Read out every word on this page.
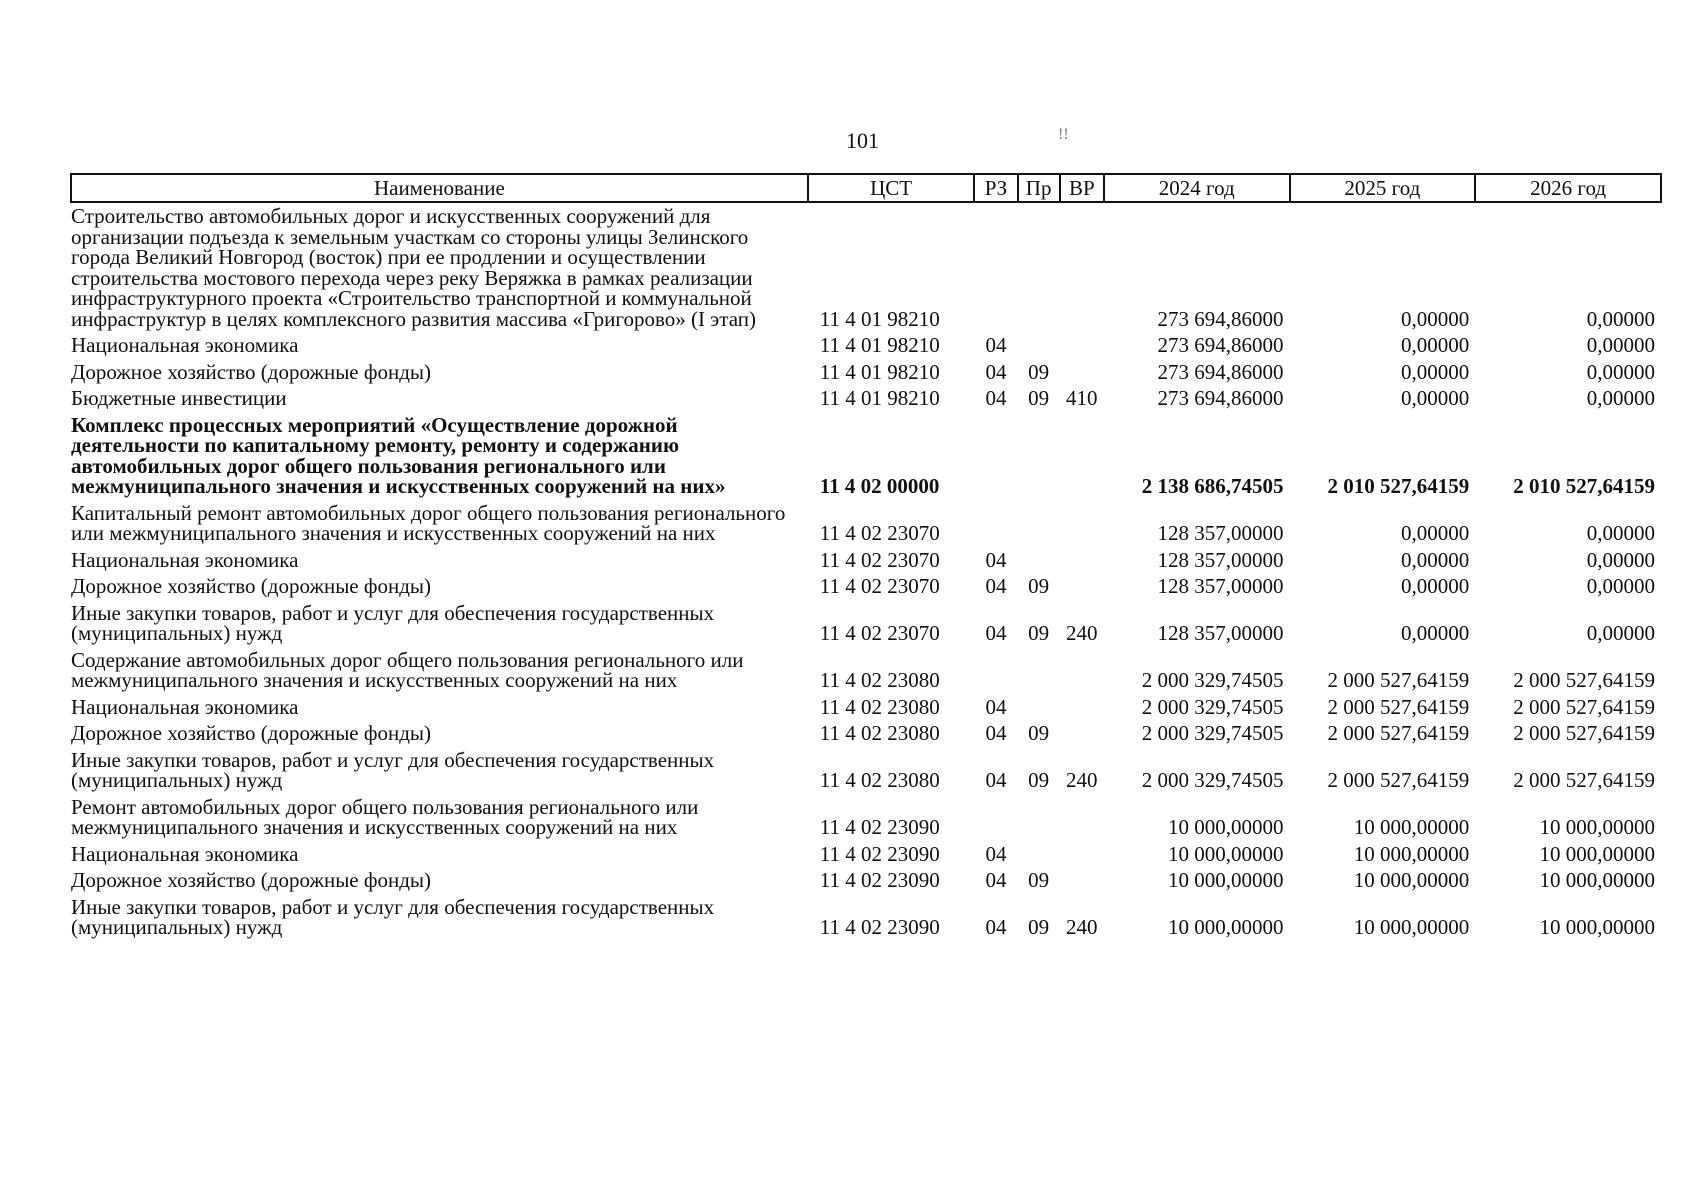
101	!!
Наименование	ЦСТ	РЗ	Пр	ВР	2024 год	2025 год	2026 год
Строительство автомобильных дорог и искусственных сооружений для организации подъезда к земельным участкам со стороны улицы Зелинского города Великий Новгород (восток) при ее продлении и осуществлении строительства мостового перехода через реку Веряжка в рамках реализации инфраструктурного проекта «Строительство транспортной и коммунальной инфраструктур в целях комплексного развития массива «Григорово» (I этап)	11 4 01 98210				273 694,86000	0,00000	0,00000
Национальная экономика	11 4 01 98210	04			273 694,86000	0,00000	0,00000
Дорожное хозяйство (дорожные фонды)	11 4 01 98210	04	09		273 694,86000	0,00000	0,00000
Бюджетные инвестиции	11 4 01 98210	04	09	410	273 694,86000	0,00000	0,00000
Комплекс процессных мероприятий «Осуществление дорожной деятельности по капитальному ремонту, ремонту и содержанию автомобильных дорог общего пользования регионального или межмуниципального значения и искусственных сооружений на них»	11 4 02 00000				2 138 686,74505	2 010 527,64159	2 010 527,64159
Капитальный ремонт автомобильных дорог общего пользования регионального или межмуниципального значения и искусственных сооружений на них	11 4 02 23070				128 357,00000	0,00000	0,00000
Национальная экономика	11 4 02 23070	04			128 357,00000	0,00000	0,00000
Дорожное хозяйство (дорожные фонды)	11 4 02 23070	04	09		128 357,00000	0,00000	0,00000
Иные закупки товаров, работ и услуг для обеспечения государственных (муниципальных) нужд	11 4 02 23070	04	09	240	128 357,00000	0,00000	0,00000
Содержание автомобильных дорог общего пользования регионального или межмуниципального значения и искусственных сооружений на них	11 4 02 23080				2 000 329,74505	2 000 527,64159	2 000 527,64159
Национальная экономика	11 4 02 23080	04			2 000 329,74505	2 000 527,64159	2 000 527,64159
Дорожное хозяйство (дорожные фонды)	11 4 02 23080	04	09		2 000 329,74505	2 000 527,64159	2 000 527,64159
Иные закупки товаров, работ и услуг для обеспечения государственных (муниципальных) нужд	11 4 02 23080	04	09	240	2 000 329,74505	2 000 527,64159	2 000 527,64159
Ремонт автомобильных дорог общего пользования регионального или межмуниципального значения и искусственных сооружений на них	11 4 02 23090				10 000,00000	10 000,00000	10 000,00000
Национальная экономика	11 4 02 23090	04			10 000,00000	10 000,00000	10 000,00000
Дорожное хозяйство (дорожные фонды)	11 4 02 23090	04	09		10 000,00000	10 000,00000	10 000,00000
Иные закупки товаров, работ и услуг для обеспечения государственных (муниципальных) нужд	11 4 02 23090	04	09	240	10 000,00000	10 000,00000	10 000,00000
